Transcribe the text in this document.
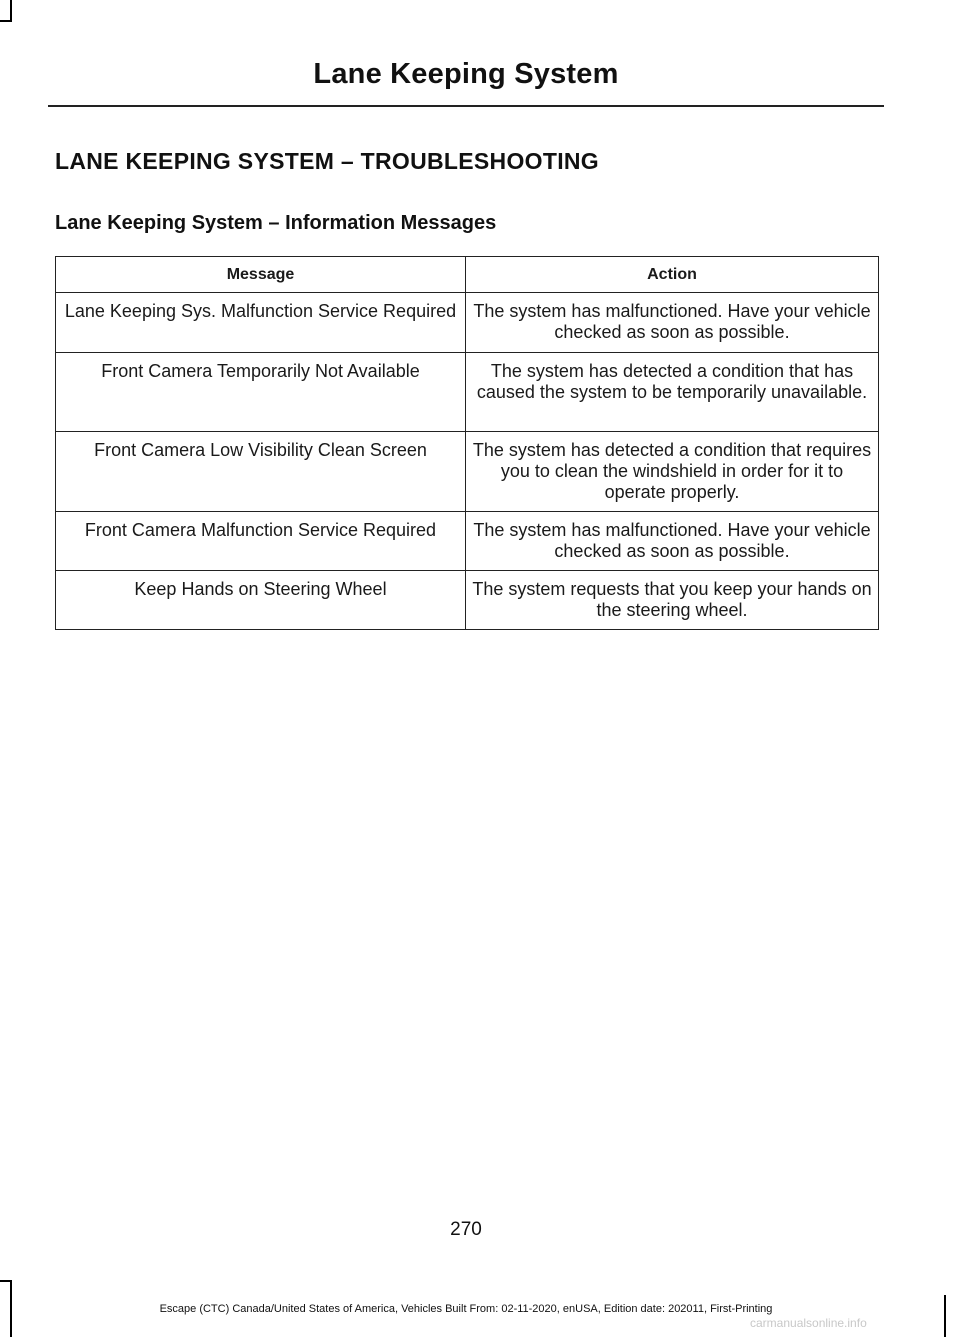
Lane Keeping System
LANE KEEPING SYSTEM – TROUBLESHOOTING
Lane Keeping System – Information Messages
Message	Action
Lane Keeping Sys. Malfunction Service Required	The system has malfunctioned. Have your vehicle checked as soon as possible.
Front Camera Temporarily Not Available	The system has detected a condition that has caused the system to be temporarily unavailable.
Front Camera Low Visibility Clean Screen	The system has detected a condition that requires you to clean the windshield in order for it to operate properly.
Front Camera Malfunction Service Required	The system has malfunctioned. Have your vehicle checked as soon as possible.
Keep Hands on Steering Wheel	The system requests that you keep your hands on the steering wheel.
270
Escape (CTC) Canada/United States of America, Vehicles Built From: 02-11-2020, enUSA, Edition date: 202011, First-Printing
carmanualsonline.info
